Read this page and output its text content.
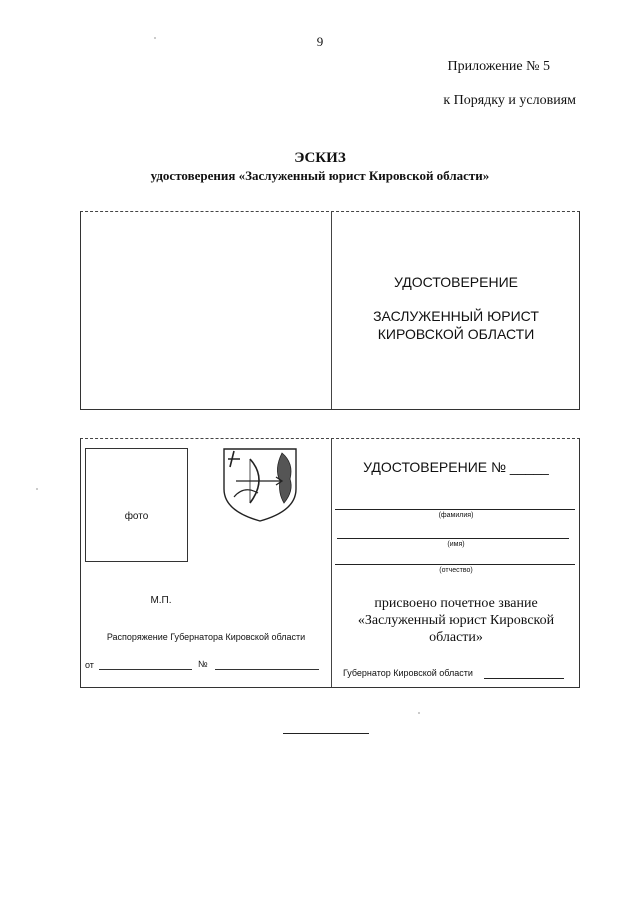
9
Приложение № 5
к Порядку и условиям
ЭСКИЗ
удостоверения «Заслуженный юрист Кировской области»
УДОСТОВЕРЕНИЕ
ЗАСЛУЖЕННЫЙ ЮРИСТ
КИРОВСКОЙ ОБЛАСТИ
фото
М.П.
Распоряжение Губернатора Кировской области
от	№
УДОСТОВЕРЕНИЕ № _____
(фамилия)
(имя)
(отчество)
присвоено почетное звание
«Заслуженный юрист Кировской
области»
Губернатор Кировской области
